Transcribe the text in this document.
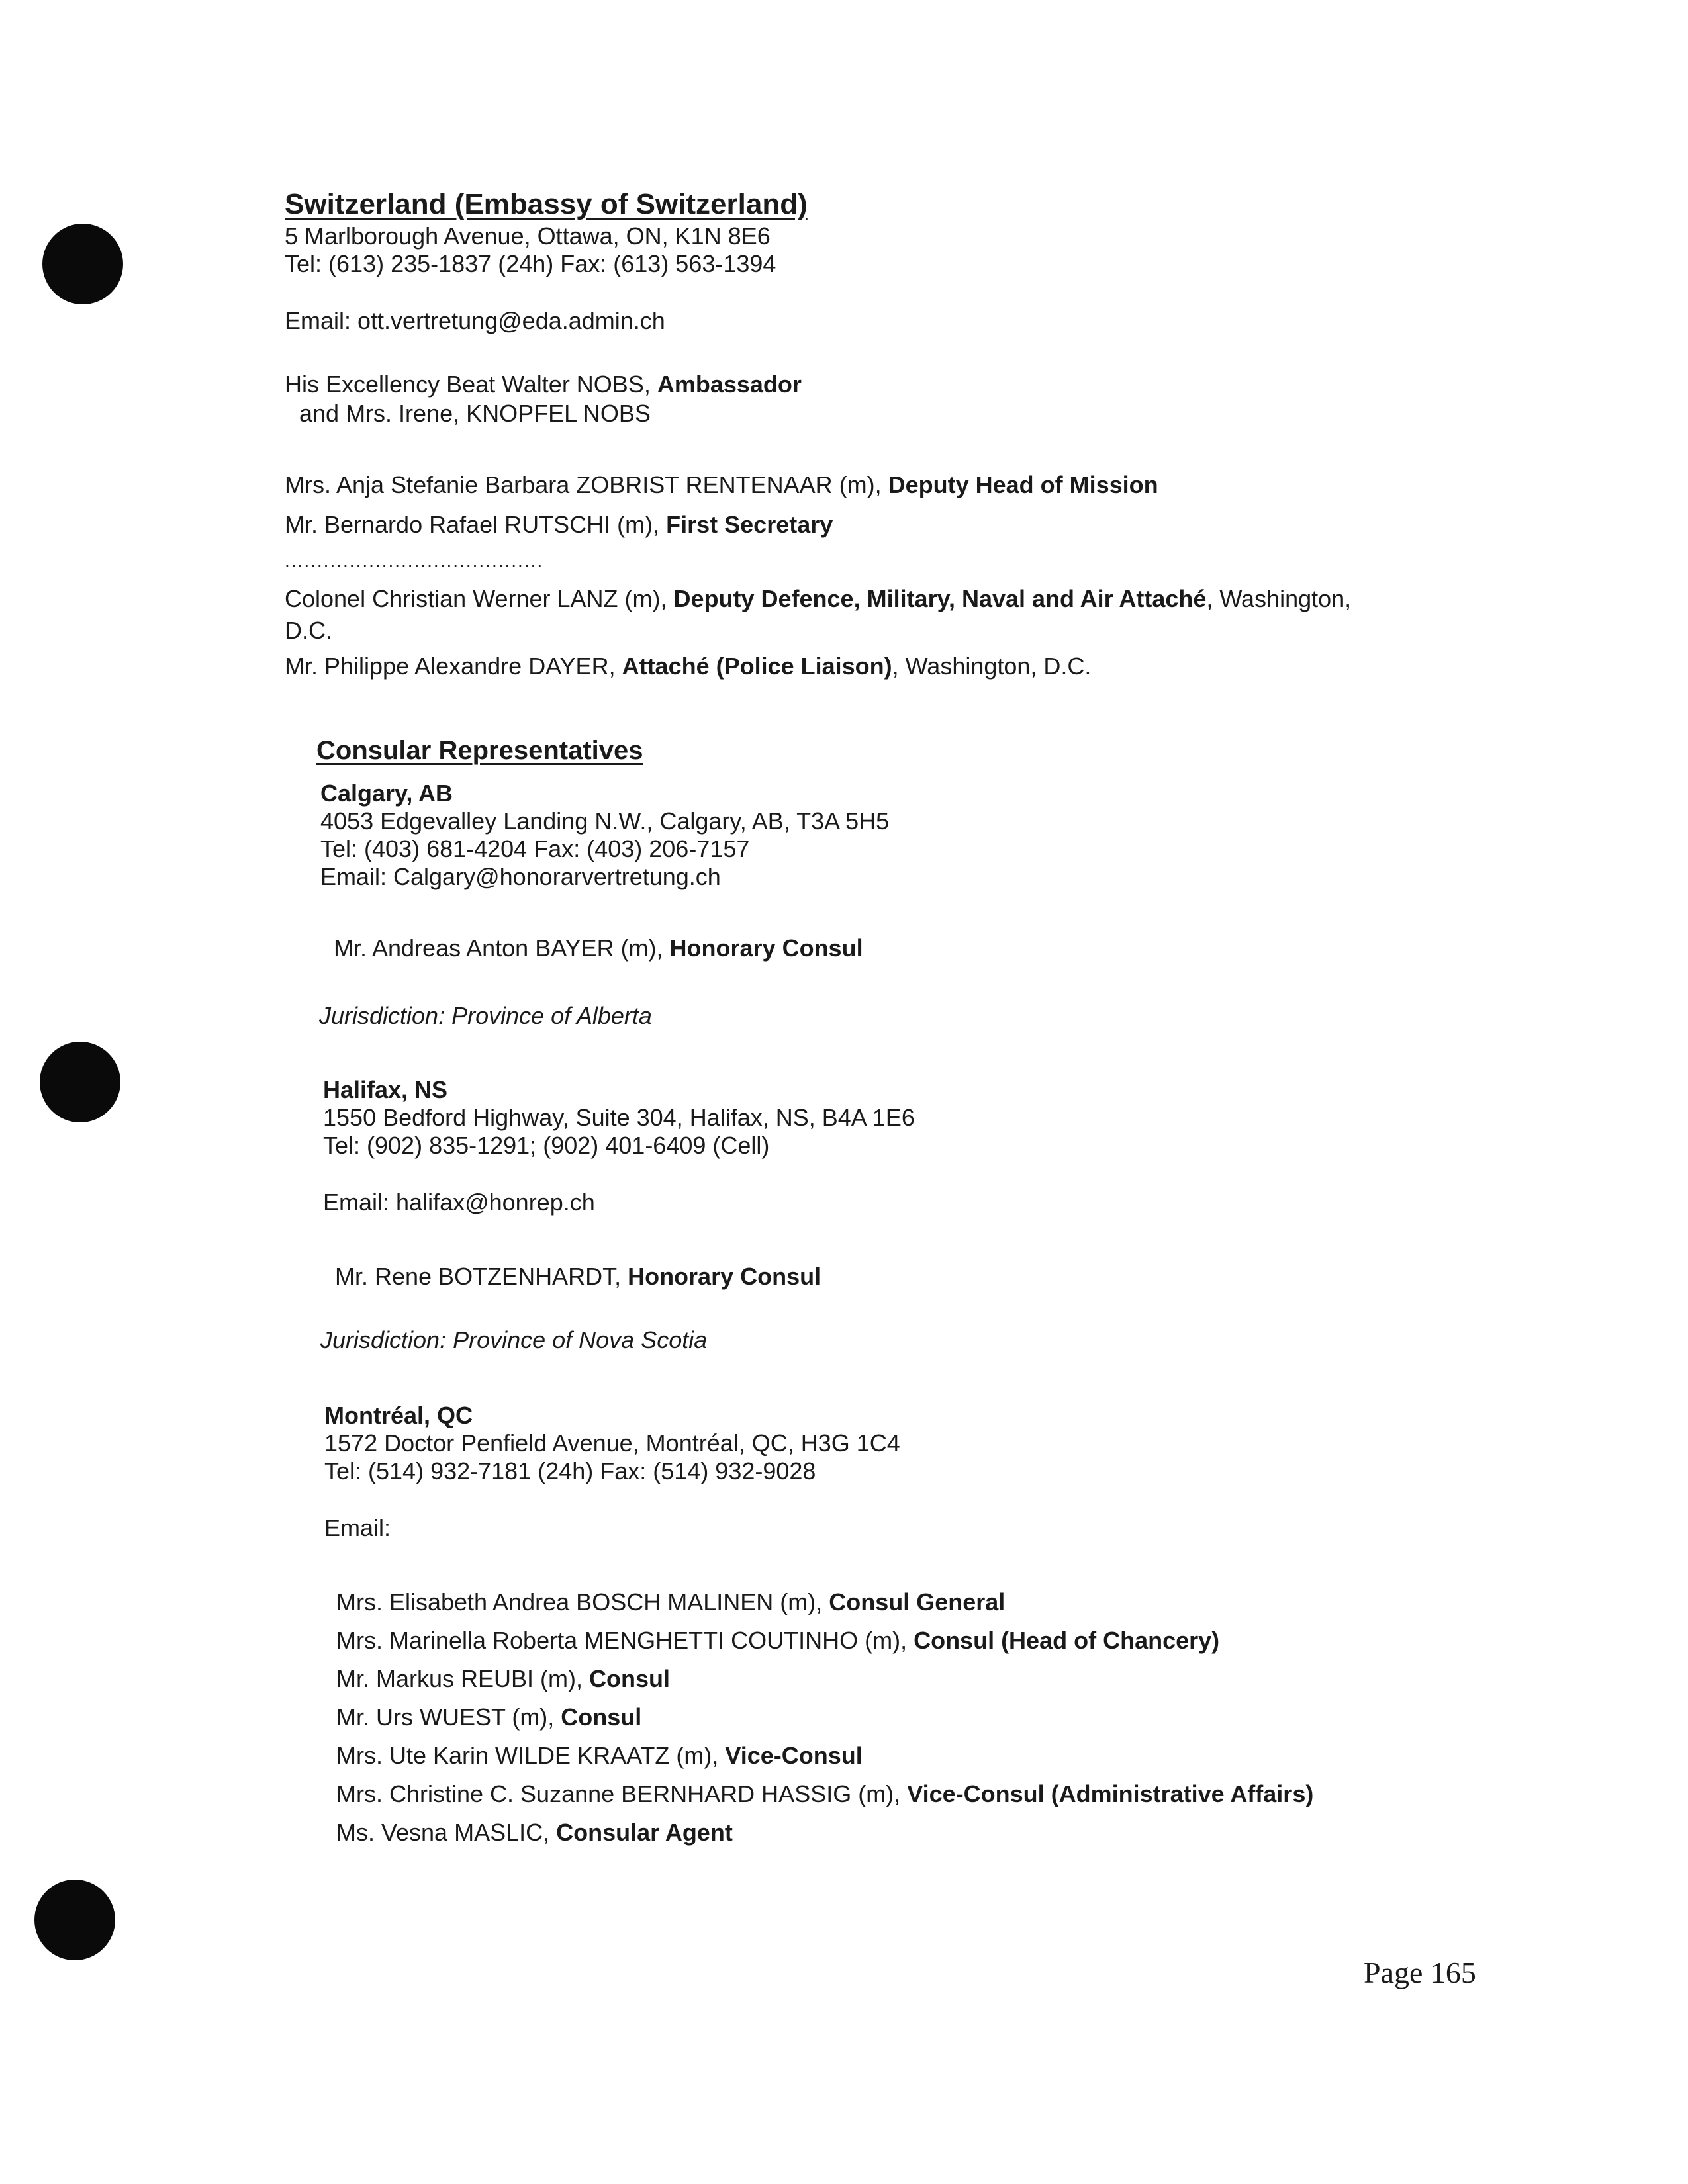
Switzerland (Embassy of Switzerland)
5 Marlborough Avenue, Ottawa, ON, K1N 8E6
Tel: (613) 235-1837 (24h) Fax: (613) 563-1394
Email: ott.vertretung@eda.admin.ch
His Excellency Beat Walter NOBS, Ambassador
and Mrs. Irene, KNOPFEL NOBS
Mrs. Anja Stefanie Barbara ZOBRIST RENTENAAR (m), Deputy Head of Mission
Mr. Bernardo Rafael RUTSCHI (m), First Secretary
........................................
Colonel Christian Werner LANZ (m), Deputy Defence, Military, Naval and Air Attaché, Washington,
D.C.
Mr. Philippe Alexandre DAYER, Attaché (Police Liaison), Washington, D.C.
Consular Representatives
Calgary, AB
4053 Edgevalley Landing N.W., Calgary, AB, T3A 5H5
Tel: (403) 681-4204 Fax: (403) 206-7157
Email: Calgary@honorarvertretung.ch
Mr. Andreas Anton BAYER (m), Honorary Consul
Jurisdiction: Province of Alberta
Halifax, NS
1550 Bedford Highway, Suite 304, Halifax, NS, B4A 1E6
Tel: (902) 835-1291; (902) 401-6409 (Cell)
Email: halifax@honrep.ch
Mr. Rene BOTZENHARDT, Honorary Consul
Jurisdiction: Province of Nova Scotia
Montréal, QC
1572 Doctor Penfield Avenue, Montréal, QC, H3G 1C4
Tel: (514) 932-7181 (24h) Fax: (514) 932-9028
Email:
Mrs. Elisabeth Andrea BOSCH MALINEN (m), Consul General
Mrs. Marinella Roberta MENGHETTI COUTINHO (m), Consul (Head of Chancery)
Mr. Markus REUBI (m), Consul
Mr. Urs WUEST (m), Consul
Mrs. Ute Karin WILDE KRAATZ (m), Vice-Consul
Mrs. Christine C. Suzanne BERNHARD HASSIG (m), Vice-Consul (Administrative Affairs)
Ms. Vesna MASLIC, Consular Agent
Page 165
